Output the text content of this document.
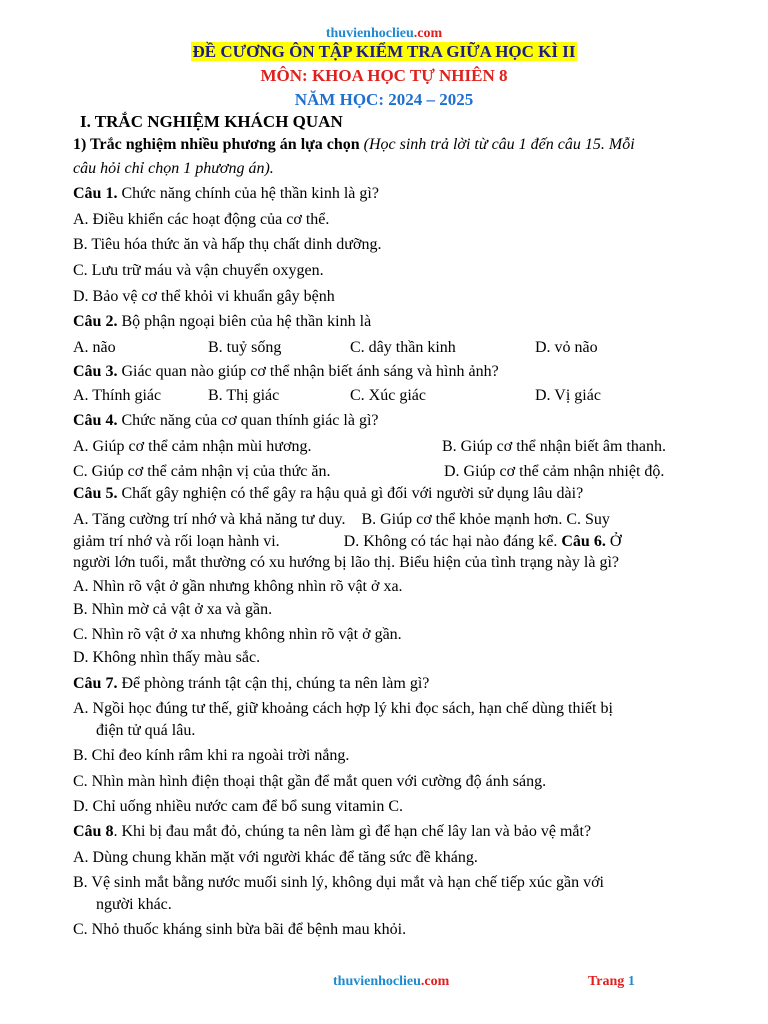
thuvienhoclieu.com
ĐỀ CƯƠNG ÔN TẬP KIỂM TRA GIỮA HỌC KÌ II
MÔN: KHOA HỌC TỰ NHIÊN 8
NĂM HỌC: 2024 – 2025
I. TRẮC NGHIỆM KHÁCH QUAN
1) Trắc nghiệm nhiều phương án lựa chọn (Học sinh trả lời từ câu 1 đến câu 15. Mỗi
câu hỏi chỉ chọn 1 phương án).
Câu 1. Chức năng chính của hệ thần kinh là gì?
A. Điều khiển các hoạt động của cơ thể.
B. Tiêu hóa thức ăn và hấp thụ chất dinh dưỡng.
C. Lưu trữ máu và vận chuyển oxygen.
D. Bảo vệ cơ thể khỏi vi khuẩn gây bệnh
Câu 2. Bộ phận ngoại biên của hệ thần kinh là
A. não	B. tuỷ sống	C. dây thần kinh	D. vỏ não
Câu 3. Giác quan nào giúp cơ thể nhận biết ánh sáng và hình ảnh?
A. Thính giác	B. Thị giác	C. Xúc giác	D. Vị giác
Câu 4. Chức năng của cơ quan thính giác là gì?
A. Giúp cơ thể cảm nhận mùi hương.	B. Giúp cơ thể nhận biết âm thanh.
C. Giúp cơ thể cảm nhận vị của thức ăn.	D. Giúp cơ thể cảm nhận nhiệt độ.
Câu 5. Chất gây nghiện có thể gây ra hậu quả gì đối với người sử dụng lâu dài?
A. Tăng cường trí nhớ và khả năng tư duy.    B. Giúp cơ thể khỏe mạnh hơn. C. Suy
giảm trí nhớ và rối loạn hành vi.                D. Không có tác hại nào đáng kể. Câu 6. Ở
người lớn tuổi, mắt thường có xu hướng bị lão thị. Biểu hiện của tình trạng này là gì?
A. Nhìn rõ vật ở gần nhưng không nhìn rõ vật ở xa.
B. Nhìn mờ cả vật ở xa và gần.
C. Nhìn rõ vật ở xa nhưng không nhìn rõ vật ở gần.
D. Không nhìn thấy màu sắc.
Câu 7. Để phòng tránh tật cận thị, chúng ta nên làm gì?
A. Ngồi học đúng tư thế, giữ khoảng cách hợp lý khi đọc sách, hạn chế dùng thiết bị
điện tử quá lâu.
B. Chỉ đeo kính râm khi ra ngoài trời nắng.
C. Nhìn màn hình điện thoại thật gần để mắt quen với cường độ ánh sáng.
D. Chỉ uống nhiều nước cam để bổ sung vitamin C.
Câu 8. Khi bị đau mắt đỏ, chúng ta nên làm gì để hạn chế lây lan và bảo vệ mắt?
A. Dùng chung khăn mặt với người khác để tăng sức đề kháng.
B. Vệ sinh mắt bằng nước muối sinh lý, không dụi mắt và hạn chế tiếp xúc gần với
người khác.
C. Nhỏ thuốc kháng sinh bừa bãi để bệnh mau khỏi.
thuvienhoclieu.com	Trang 1
